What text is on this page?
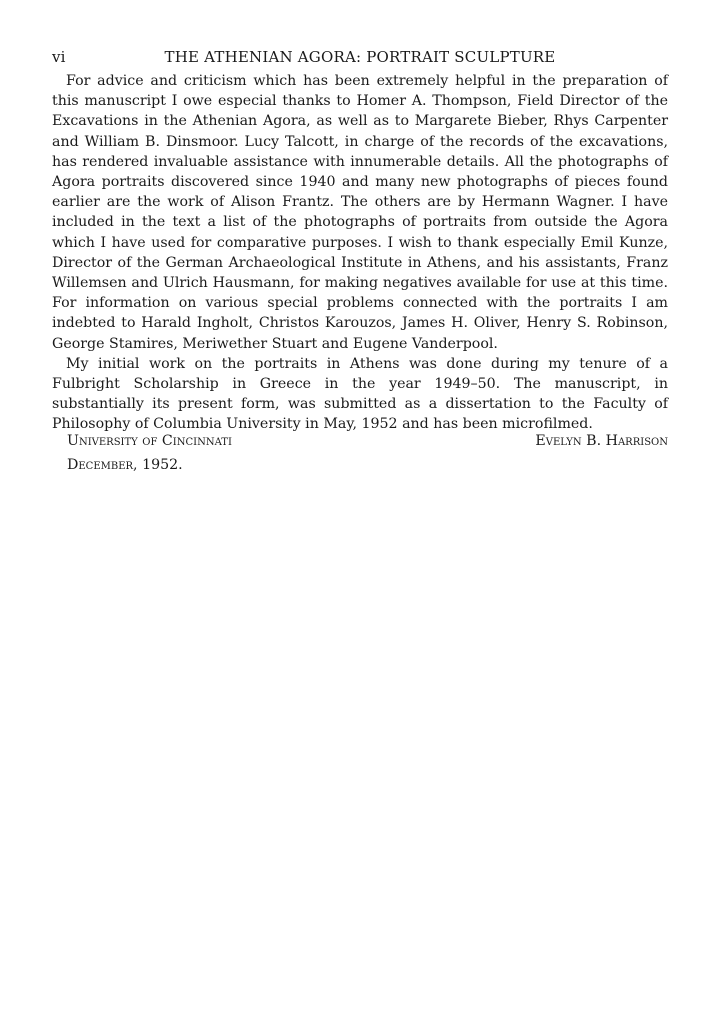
vi	THE ATHENIAN AGORA: PORTRAIT SCULPTURE

For advice and criticism which has been extremely helpful in the preparation of this manuscript I owe especial thanks to Homer A. Thompson, Field Director of the Excavations in the Athenian Agora, as well as to Margarete Bieber, Rhys Carpenter and William B. Dinsmoor. Lucy Talcott, in charge of the records of the excavations, has rendered invaluable assistance with innumerable details. All the photographs of Agora portraits discovered since 1940 and many new photographs of pieces found earlier are the work of Alison Frantz. The others are by Hermann Wagner. I have included in the text a list of the photographs of portraits from outside the Agora which I have used for comparative purposes. I wish to thank especially Emil Kunze, Director of the German Archaeological Institute in Athens, and his assistants, Franz Willemsen and Ulrich Hausmann, for making negatives available for use at this time. For information on various special problems connected with the portraits I am indebted to Harald Ingholt, Christos Karouzos, James H. Oliver, Henry S. Robinson, George Stamires, Meriwether Stuart and Eugene Vanderpool.

My initial work on the portraits in Athens was done during my tenure of a Fulbright Scholarship in Greece in the year 1949–50. The manuscript, in substantially its present form, was submitted as a dissertation to the Faculty of Philosophy of Columbia University in May, 1952 and has been microfilmed.

University of Cincinnati	Evelyn B. Harrison
December, 1952.
